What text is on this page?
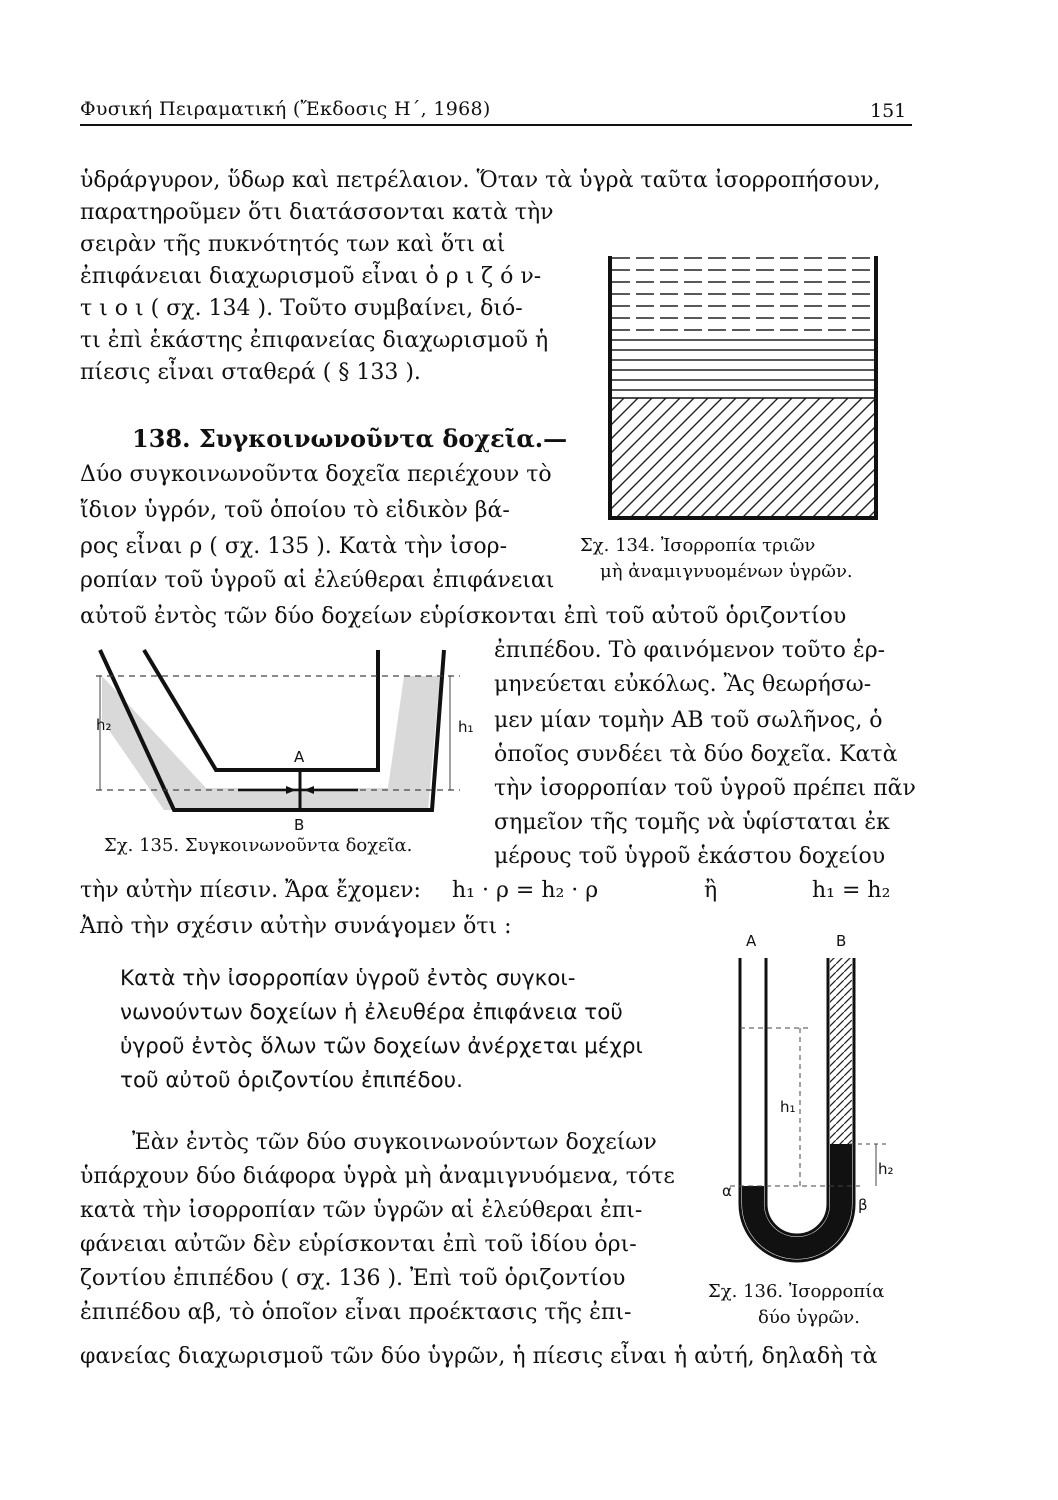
Φυσική Πειραματική (Ἔκδοσις Η΄, 1968)	151
ὑδράργυρον, ὕδωρ καὶ πετρέλαιον. Ὅταν τὰ ὑγρὰ ταῦτα ἰσορροπήσουν,
παρατηροῦμεν ὅτι διατάσσονται κατὰ τὴν
σειρὰν τῆς πυκνότητός των καὶ ὅτι αἱ
ἐπιφάνειαι διαχωρισμοῦ εἶναι ὁ ρ ι ζ ό ν-
τ ι ο ι ( σχ. 134 ). Τοῦτο συμβαίνει, διό-
τι ἐπὶ ἑκάστης ἐπιφανείας διαχωρισμοῦ ἡ
πίεσις εἶναι σταθερά ( § 133 ).
138. Συγκοινωνοῦντα δοχεῖα.—
Δύο συγκοινωνοῦντα δοχεῖα περιέχουν τὸ
ἴδιον ὑγρόν, τοῦ ὁποίου τὸ εἰδικὸν βά-
ρος εἶναι ρ ( σχ. 135 ). Κατὰ τὴν ἰσορ-
ροπίαν τοῦ ὑγροῦ αἱ ἐλεύθεραι ἐπιφάνειαι
αὐτοῦ ἐντὸς τῶν δύο δοχείων εὑρίσκονται ἐπὶ τοῦ αὐτοῦ ὁριζοντίου
Σχ. 134. Ἰσορροπία τριῶν
μὴ ἀναμιγνυομένων ὑγρῶν.
Α
Β
h₂	h₁
Σχ. 135. Συγκοινωνοῦντα δοχεῖα.
ἐπιπέδου. Τὸ φαινόμενον τοῦτο ἑρ-
μηνεύεται εὐκόλως. Ἂς θεωρήσω-
μεν μίαν τομὴν ΑΒ τοῦ σωλῆνος, ὁ
ὁποῖος συνδέει τὰ δύο δοχεῖα. Κατὰ
τὴν ἰσορροπίαν τοῦ ὑγροῦ πρέπει πᾶν
σημεῖον τῆς τομῆς νὰ ὑφίσταται ἐκ
μέρους τοῦ ὑγροῦ ἑκάστου δοχείου
τὴν αὐτὴν πίεσιν. Ἄρα ἔχομεν: h₁ · ρ = h₂ · ρ	ἢ	h₁ = h₂
Ἀπὸ τὴν σχέσιν αὐτὴν συνάγομεν ὅτι :
Κατὰ τὴν ἰσορροπίαν ὑγροῦ ἐντὸς συγκοι-
νωνούντων δοχείων ἡ ἐλευθέρα ἐπιφάνεια τοῦ
ὑγροῦ ἐντὸς ὅλων τῶν δοχείων ἀνέρχεται μέχρι
τοῦ αὐτοῦ ὁριζοντίου ἐπιπέδου.
Ἐὰν ἐντὸς τῶν δύο συγκοινωνούντων δοχείων
ὑπάρχουν δύο διάφορα ὑγρὰ μὴ ἀναμιγνυόμενα, τότε
κατὰ τὴν ἰσορροπίαν τῶν ὑγρῶν αἱ ἐλεύθεραι ἐπι-
φάνειαι αὐτῶν δὲν εὑρίσκονται ἐπὶ τοῦ ἰδίου ὁρι-
ζοντίου ἐπιπέδου ( σχ. 136 ). Ἐπὶ τοῦ ὁριζοντίου
ἐπιπέδου αβ, τὸ ὁποῖον εἶναι προέκτασις τῆς ἐπι-
φανείας διαχωρισμοῦ τῶν δύο ὑγρῶν, ἡ πίεσις εἶναι ἡ αὐτή, δηλαδὴ τὰ
Α	Β
h₁
h₂
α
β
Σχ. 136. Ἰσορροπία
δύο ὑγρῶν.
